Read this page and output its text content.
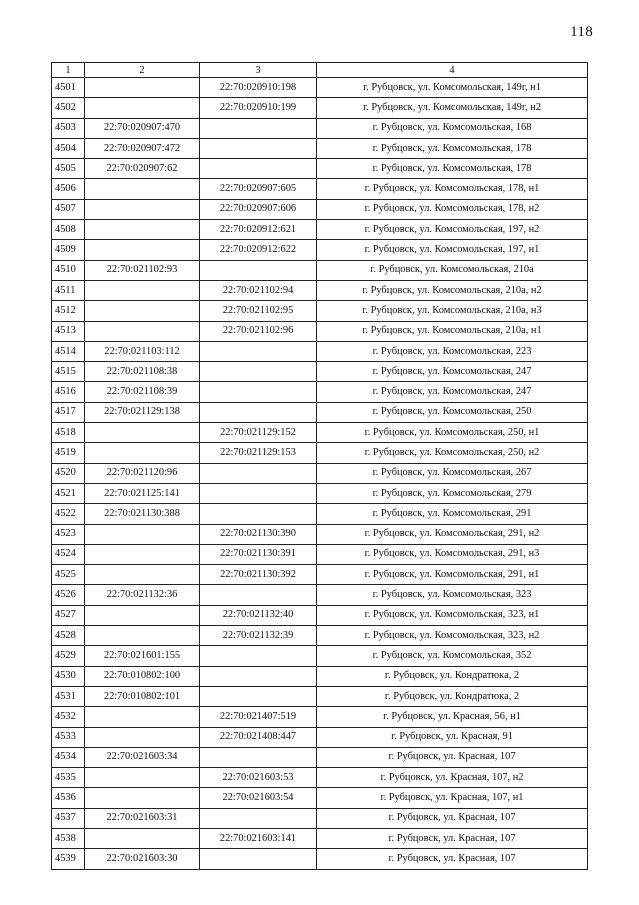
118
1	2	3	4
4501		22:70:020910:198	г. Рубцовск, ул. Комсомольская, 149г, н1
4502		22:70:020910:199	г. Рубцовск, ул. Комсомольская, 149г, н2
4503	22:70:020907:470		г. Рубцовск, ул. Комсомольская, 168
4504	22:70:020907:472		г. Рубцовск, ул. Комсомольская, 178
4505	22:70:020907:62		г. Рубцовск, ул. Комсомольская, 178
4506		22:70:020907:605	г. Рубцовск, ул. Комсомольская, 178, н1
4507		22:70:020907:606	г. Рубцовск, ул. Комсомольская, 178, н2
4508		22:70:020912:621	г. Рубцовск, ул. Комсомольская, 197, н2
4509		22:70:020912:622	г. Рубцовск, ул. Комсомольская, 197, н1
4510	22:70:021102:93		г. Рубцовск, ул. Комсомольская, 210а
4511		22:70:021102:94	г. Рубцовск, ул. Комсомольская, 210а, н2
4512		22:70:021102:95	г. Рубцовск, ул. Комсомольская, 210а, н3
4513		22:70:021102:96	г. Рубцовск, ул. Комсомольская, 210а, н1
4514	22:70:021103:112		г. Рубцовск, ул. Комсомольская, 223
4515	22:70:021108:38		г. Рубцовск, ул. Комсомольская, 247
4516	22:70:021108:39		г. Рубцовск, ул. Комсомольская, 247
4517	22:70:021129:138		г. Рубцовск, ул. Комсомольская, 250
4518		22:70:021129:152	г. Рубцовск, ул. Комсомольская, 250, н1
4519		22:70:021129:153	г. Рубцовск, ул. Комсомольская, 250, н2
4520	22:70:021120:96		г. Рубцовск, ул. Комсомольская, 267
4521	22:70:021125:141		г. Рубцовск, ул. Комсомольская, 279
4522	22:70:021130:388		г. Рубцовск, ул. Комсомольская, 291
4523		22:70:021130:390	г. Рубцовск, ул. Комсомольская, 291, н2
4524		22:70:021130:391	г. Рубцовск, ул. Комсомольская, 291, н3
4525		22:70:021130:392	г. Рубцовск, ул. Комсомольская, 291, н1
4526	22:70:021132:36		г. Рубцовск, ул. Комсомольская, 323
4527		22:70:021132:40	г. Рубцовск, ул. Комсомольская, 323, н1
4528		22:70:021132:39	г. Рубцовск, ул. Комсомольская, 323, н2
4529	22:70:021601:155		г. Рубцовск, ул. Комсомольская, 352
4530	22:70:010802:100		г. Рубцовск, ул. Кондратюка, 2
4531	22:70:010802:101		г. Рубцовск, ул. Кондратюка, 2
4532		22:70:021407:519	г. Рубцовск, ул. Красная, 56, н1
4533		22:70:021408:447	г. Рубцовск, ул. Красная, 91
4534	22:70:021603:34		г. Рубцовск, ул. Красная, 107
4535		22:70:021603:53	г. Рубцовск, ул. Красная, 107, н2
4536		22:70:021603:54	г. Рубцовск, ул. Красная, 107, н1
4537	22:70:021603:31		г. Рубцовск, ул. Красная, 107
4538		22:70:021603:141	г. Рубцовск, ул. Красная, 107
4539	22:70:021603:30		г. Рубцовск, ул. Красная, 107
